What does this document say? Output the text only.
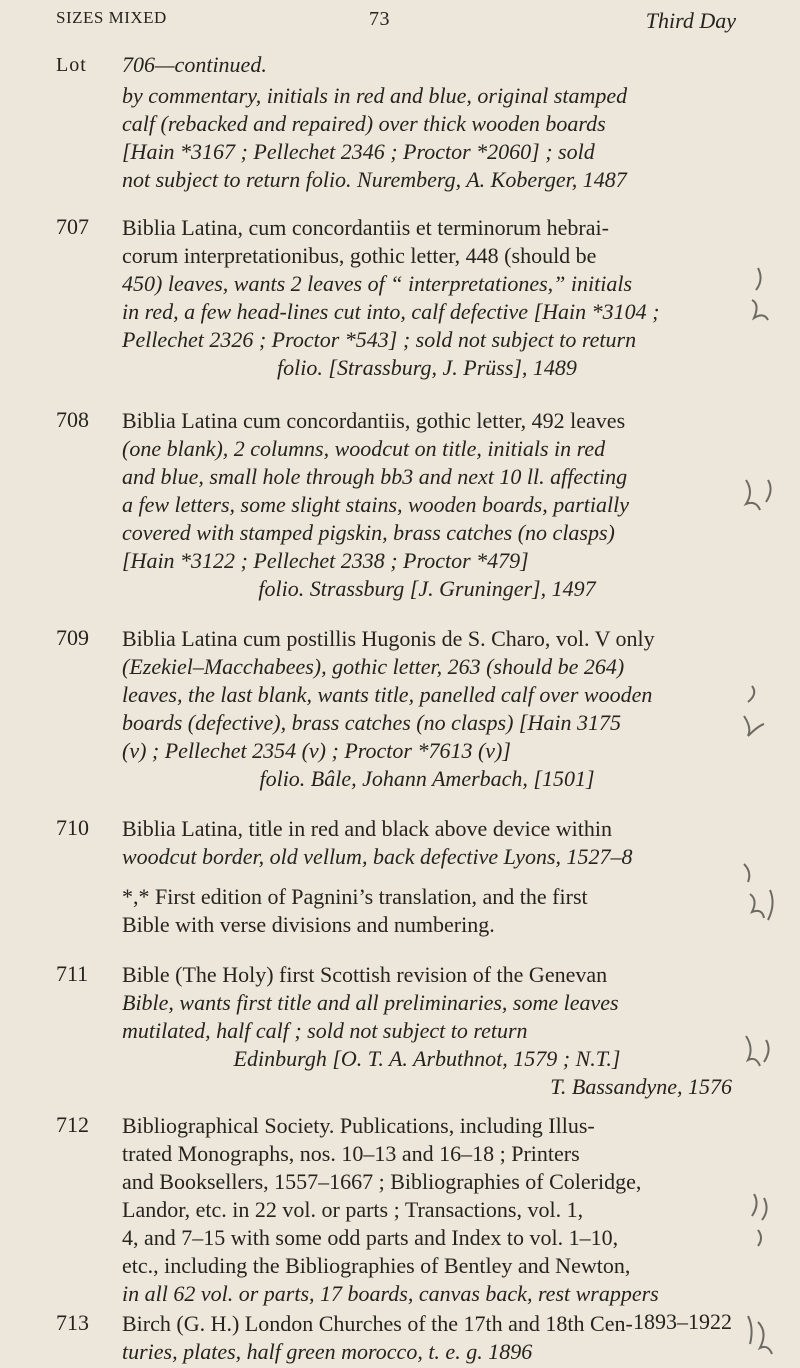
SIZES MIXED	73	Third Day
Lot 706—continued.

by commentary, initials in red and blue, original stamped

calf (rebacked and repaired) over thick wooden boards

[Hain *3167 ; Pellechet 2346 ; Proctor *2060] ; sold

not subject to return folio. Nuremberg, A. Koberger, 1487

707 Biblia Latina, cum concordantiis et terminorum hebrai-

corum interpretationibus, gothic letter, 448 (should be

450) leaves, wants 2 leaves of “ interpretationes,” initials

in red, a few head-lines cut into, calf defective [Hain *3104 ;

Pellechet 2326 ; Proctor *543] ; sold not subject to return

folio. [Strassburg, J. Prüss], 1489

708 Biblia Latina cum concordantiis, gothic letter, 492 leaves

(one blank), 2 columns, woodcut on title, initials in red

and blue, small hole through bb3 and next 10 ll. affecting

a few letters, some slight stains, wooden boards, partially

covered with stamped pigskin, brass catches (no clasps)

[Hain *3122 ; Pellechet 2338 ; Proctor *479]

folio. Strassburg [J. Gruninger], 1497

709 Biblia Latina cum postillis Hugonis de S. Charo, vol. V only

(Ezekiel–Macchabees), gothic letter, 263 (should be 264)

leaves, the last blank, wants title, panelled calf over wooden

boards (defective), brass catches (no clasps) [Hain 3175

(v) ; Pellechet 2354 (v) ; Proctor *7613 (v)]

folio. Bâle, Johann Amerbach, [1501]

710 Biblia Latina, title in red and black above device within

woodcut border, old vellum, back defective Lyons, 1527–8

*,* First edition of Pagnini’s translation, and the first

Bible with verse divisions and numbering.

711 Bible (The Holy) first Scottish revision of the Genevan

Bible, wants first title and all preliminaries, some leaves

mutilated, half calf ; sold not subject to return

Edinburgh [O. T. A. Arbuthnot, 1579 ; N.T.]

T. Bassandyne, 1576

712 Bibliographical Society. Publications, including Illus-

trated Monographs, nos. 10–13 and 16–18 ; Printers

and Booksellers, 1557–1667 ; Bibliographies of Coleridge,

Landor, etc. in 22 vol. or parts ; Transactions, vol. 1,

4, and 7–15 with some odd parts and Index to vol. 1–10,

etc., including the Bibliographies of Bentley and Newton,

in all 62 vol. or parts, 17 boards, canvas back, rest wrappers

1893–1922

713 Birch (G. H.) London Churches of the 17th and 18th Cen-

turies, plates, half green morocco, t. e. g. 1896
